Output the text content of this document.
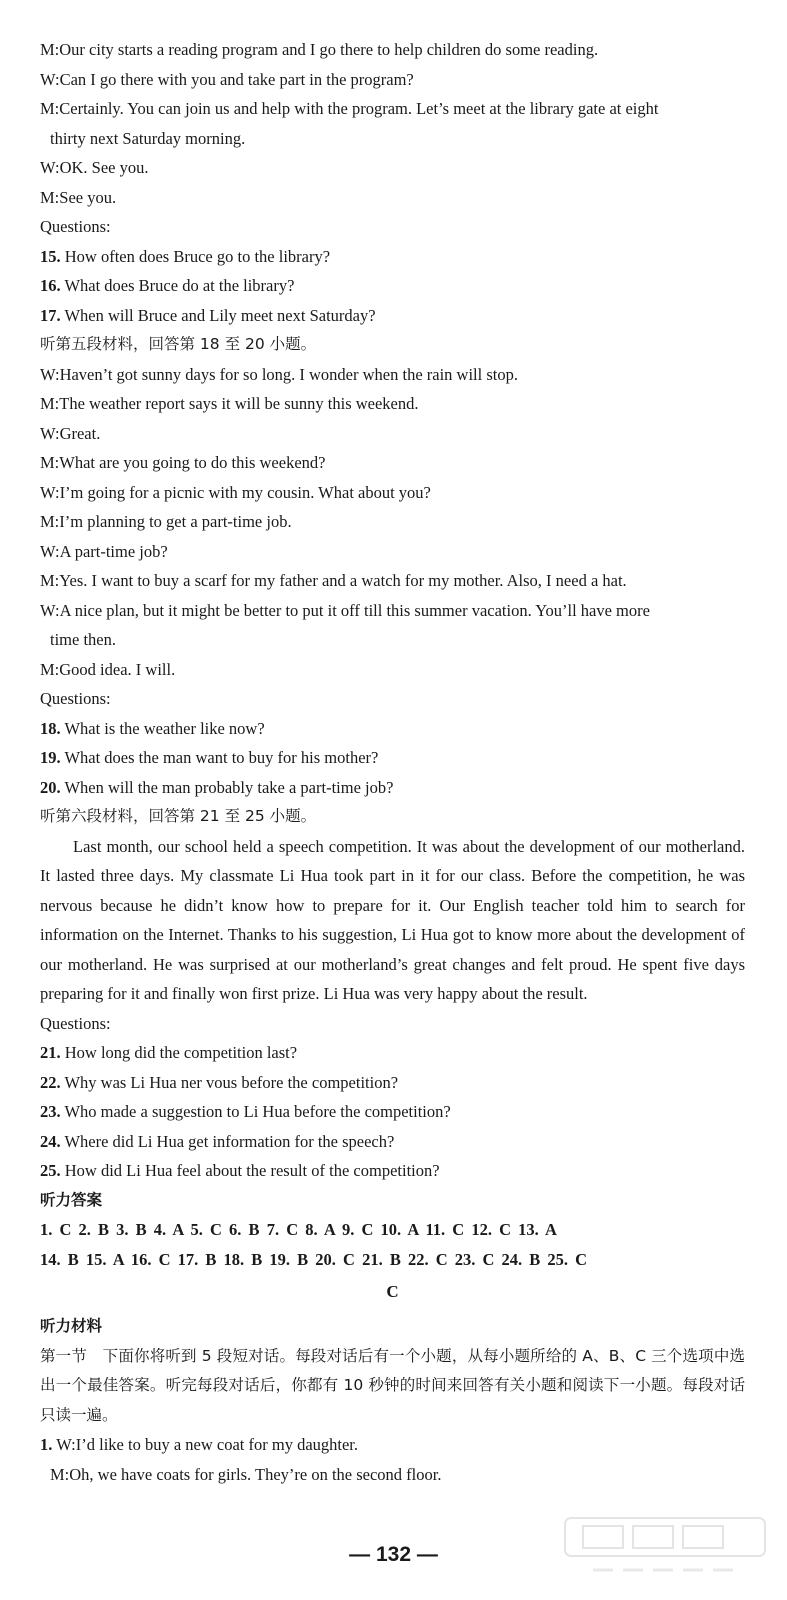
M:Our city starts a reading program and I go there to help children do some reading.
W:Can I go there with you and take part in the program?
M:Certainly. You can join us and help with the program. Let’s meet at the library gate at eight
thirty next Saturday morning.
W:OK. See you.
M:See you.
Questions:
15. How often does Bruce go to the library?
16. What does Bruce do at the library?
17. When will Bruce and Lily meet next Saturday?
听第五段材料，回答第 18 至 20 小题。
W:Haven’t got sunny days for so long. I wonder when the rain will stop.
M:The weather report says it will be sunny this weekend.
W:Great.
M:What are you going to do this weekend?
W:I’m going for a picnic with my cousin. What about you?
M:I’m planning to get a part-time job.
W:A part-time job?
M:Yes. I want to buy a scarf for my father and a watch for my mother. Also, I need a hat.
W:A nice plan, but it might be better to put it off till this summer vacation. You’ll have more
time then.
M:Good idea. I will.
Questions:
18. What is the weather like now?
19. What does the man want to buy for his mother?
20. When will the man probably take a part-time job?
听第六段材料，回答第 21 至 25 小题。
Last month, our school held a speech competition. It was about the development of our motherland. It lasted three days. My classmate Li Hua took part in it for our class. Before the competition, he was nervous because he didn’t know how to prepare for it. Our English teacher told him to search for information on the Internet. Thanks to his suggestion, Li Hua got to know more about the development of our motherland. He was surprised at our motherland’s great changes and felt proud. He spent five days preparing for it and finally won first prize. Li Hua was very happy about the result.
Questions:
21. How long did the competition last?
22. Why was Li Hua ner vous before the competition?
23. Who made a suggestion to Li Hua before the competition?
24. Where did Li Hua get information for the speech?
25. How did Li Hua feel about the result of the competition?
听力答案
1. C 2. B 3. B 4. A 5. C 6. B 7. C 8. A 9. C 10. A 11. C 12. C 13. A
14. B 15. A 16. C 17. B 18. B 19. B 20. C 21. B 22. C 23. C 24. B 25. C
C
听力材料
第一节　下面你将听到 5 段短对话。每段对话后有一个小题，从每小题所给的 A、B、C 三个选项中选出一个最佳答案。听完每段对话后，你都有 10 秒钟的时间来回答有关小题和阅读下一小题。每段对话只读一遍。
1. W:I’d like to buy a new coat for my daughter.
M:Oh, we have coats for girls. They’re on the second floor.
— 132 —
